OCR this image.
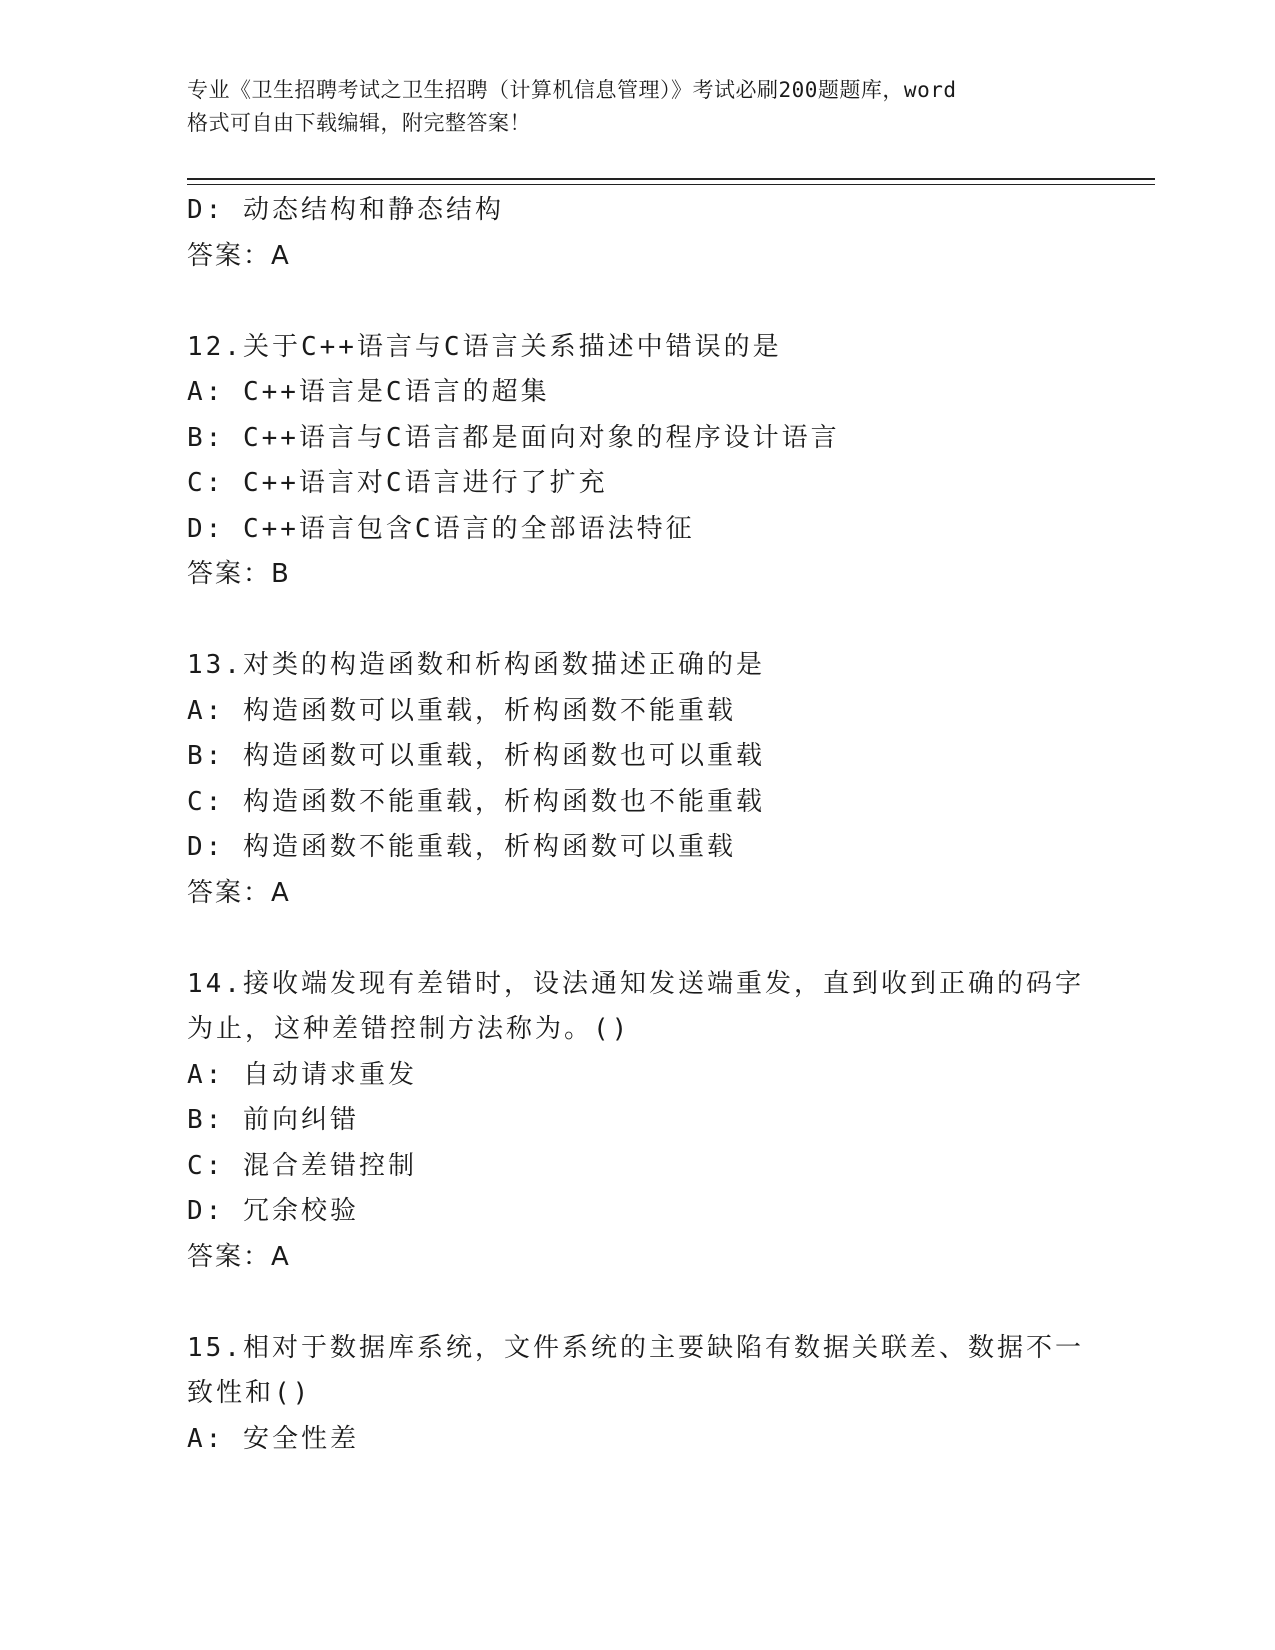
专业《卫生招聘考试之卫生招聘（计算机信息管理）》考试必刷200题题库，word
格式可自由下载编辑，附完整答案！
D: 动态结构和静态结构
答案：A
12.关于C++语言与C语言关系描述中错误的是
A: C++语言是C语言的超集
B: C++语言与C语言都是面向对象的程序设计语言
C: C++语言对C语言进行了扩充
D: C++语言包含C语言的全部语法特征
答案：B
13.对类的构造函数和析构函数描述正确的是
A: 构造函数可以重载，析构函数不能重载
B: 构造函数可以重载，析构函数也可以重载
C: 构造函数不能重载，析构函数也不能重载
D: 构造函数不能重载，析构函数可以重载
答案：A
14.接收端发现有差错时，设法通知发送端重发，直到收到正确的码字
为止，这种差错控制方法称为。()
A: 自动请求重发
B: 前向纠错
C: 混合差错控制
D: 冗余校验
答案：A
15.相对于数据库系统，文件系统的主要缺陷有数据关联差、数据不一
致性和()
A: 安全性差
